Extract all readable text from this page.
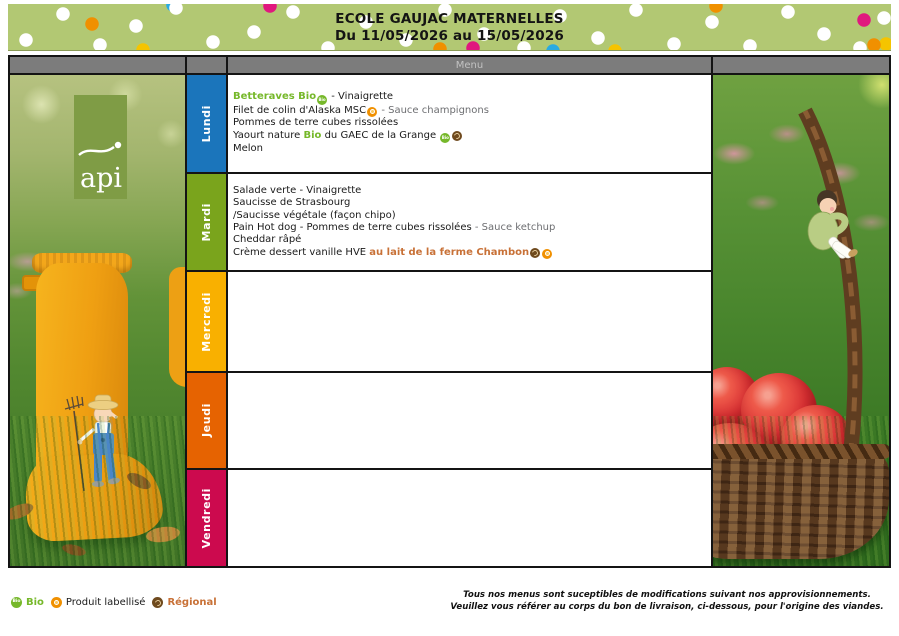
ECOLE GAUJAC MATERNELLES
Du 11/05/2026 au 15/05/2026
Menu
api
Lundi
Betteraves Bio Bio - Vinaigrette
Filet de colin d'Alaska MSC
- Sauce champignons
Pommes de terre cubes rissolées
Yaourt nature Bio du GAEC de la Grange Bio
Melon
Mardi
Salade verte - Vinaigrette
Saucisse de Strasbourg
/Saucisse végétale (façon chipo)
Pain Hot dog - Pommes de terre cubes rissolées - Sauce ketchup
Cheddar râpé
Crème dessert vanille HVE au lait de la ferme Chambon
Mercredi
Jeudi
Vendredi
Bio Bio Produit labellisé Régional
Tous nos menus sont suceptibles de modifications suivant nos approvisionnements.
Veuillez vous référer au corps du bon de livraison, ci-dessous, pour l'origine des viandes.
